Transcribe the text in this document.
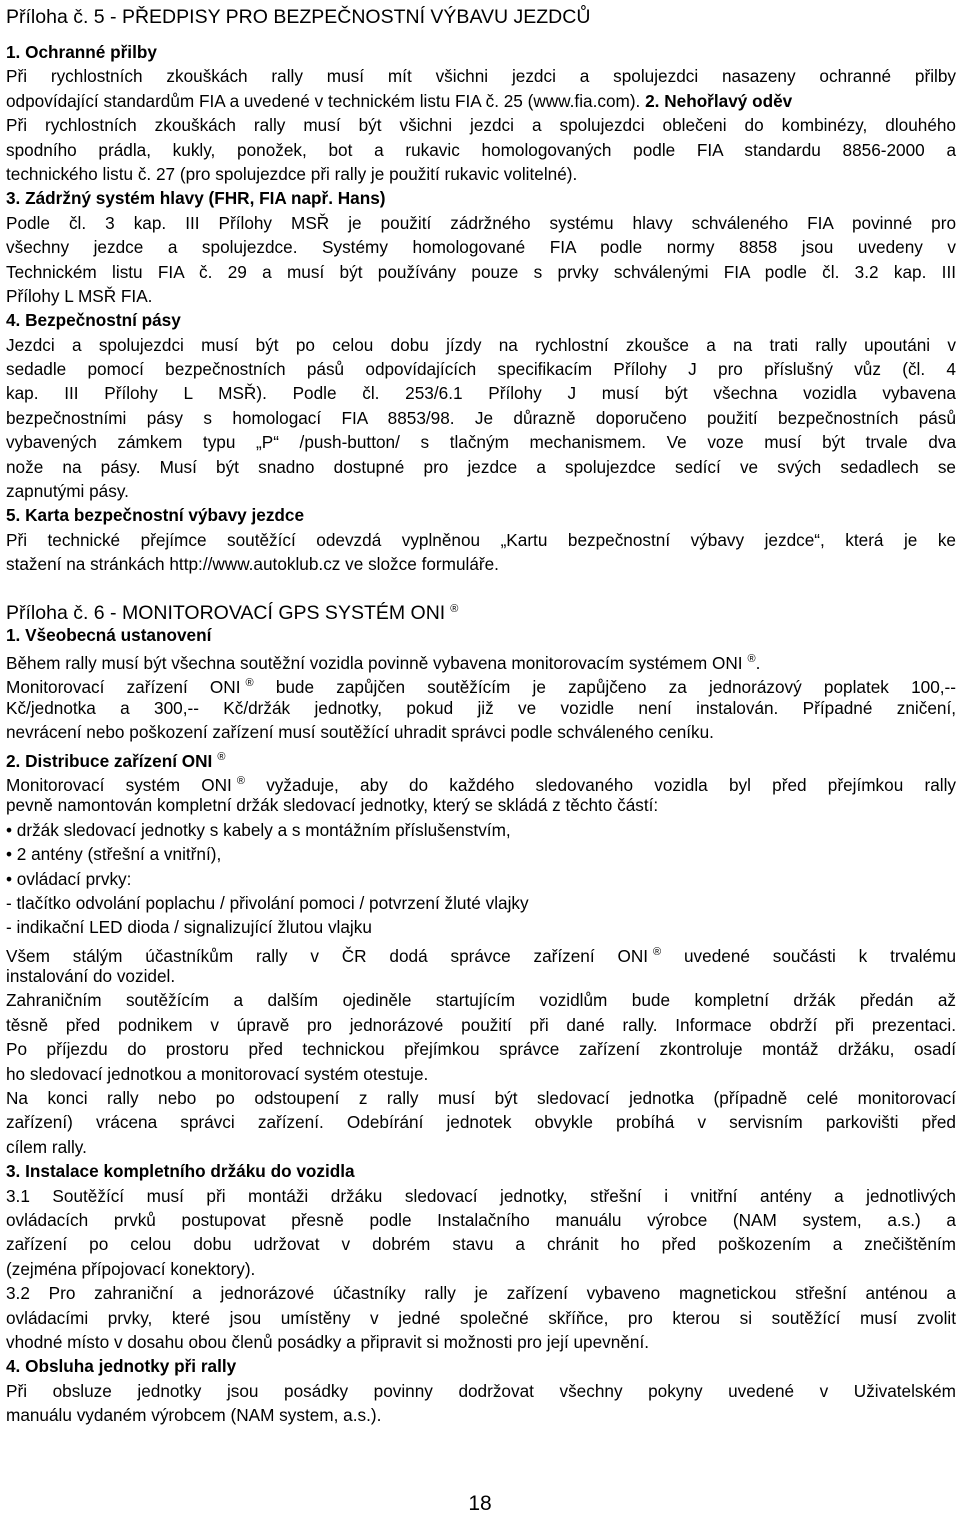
Příloha č. 5 - PŘEDPISY PRO BEZPEČNOSTNÍ VÝBAVU JEZDCŮ
1. Ochranné přilby
Při rychlostních zkouškách rally musí mít všichni jezdci a spolujezdci nasazeny ochranné přilby
odpovídající standardům FIA a uvedené v technickém listu FIA č. 25 (www.fia.com). 2. Nehořlavý oděv
Při rychlostních zkouškách rally musí být všichni jezdci a spolujezdci oblečeni do kombinézy, dlouhého
spodního prádla, kukly, ponožek, bot a rukavic homologovaných podle FIA standardu 8856-2000 a
technického listu č. 27 (pro spolujezdce při rally je použití rukavic volitelné).
3. Zádržný systém hlavy (FHR, FIA např. Hans)
Podle čl. 3 kap. III Přílohy MSŘ je použití zádržného systému hlavy schváleného FIA povinné pro
všechny jezdce a spolujezdce. Systémy homologované FIA podle normy 8858 jsou uvedeny v
Technickém listu FIA č. 29 a musí být používány pouze s prvky schválenými FIA podle čl. 3.2 kap. III
Přílohy L MSŘ FIA.
4. Bezpečnostní pásy
Jezdci a spolujezdci musí být po celou dobu jízdy na rychlostní zkoušce a na trati rally upoutáni v
sedadle pomocí bezpečnostních pásů odpovídajících specifikacím Přílohy J pro příslušný vůz (čl. 4
kap. III Přílohy L MSŘ). Podle čl. 253/6.1 Přílohy J musí být všechna vozidla vybavena
bezpečnostními pásy s homologací FIA 8853/98. Je důrazně doporučeno použití bezpečnostních pásů
vybavených zámkem typu „P“ /push-button/ s tlačným mechanismem. Ve voze musí být trvale dva
nože na pásy. Musí být snadno dostupné pro jezdce a spolujezdce sedící ve svých sedadlech se
zapnutými pásy.
5. Karta bezpečnostní výbavy jezdce
Při technické přejímce soutěžící odevzdá vyplněnou „Kartu bezpečnostní výbavy jezdce“, která je ke
stažení na stránkách http://www.autoklub.cz ve složce formuláře.
Příloha č. 6 - MONITOROVACÍ GPS SYSTÉM ONI ®
1. Všeobecná ustanovení
Během rally musí být všechna soutěžní vozidla povinně vybavena monitorovacím systémem ONI ®.
Monitorovací zařízení ONI ® bude zapůjčen soutěžícím je zapůjčeno za jednorázový poplatek 100,--
Kč/jednotka a 300,-- Kč/držák jednotky, pokud již ve vozidle není instalován. Případné zničení,
nevrácení nebo poškození zařízení musí soutěžící uhradit správci podle schváleného ceníku.
2. Distribuce zařízení ONI ®
Monitorovací systém ONI ® vyžaduje, aby do každého sledovaného vozidla byl před přejímkou rally
pevně namontován kompletní držák sledovací jednotky, který se skládá z těchto částí:
• držák sledovací jednotky s kabely a s montážním příslušenstvím,
• 2 antény (střešní a vnitřní),
• ovládací prvky:
- tlačítko odvolání poplachu / přivolání pomoci / potvrzení žluté vlajky
- indikační LED dioda / signalizující žlutou vlajku
Všem stálým účastníkům rally v ČR dodá správce zařízení ONI ® uvedené součásti k trvalému
instalování do vozidel.
Zahraničním soutěžícím a dalším ojediněle startujícím vozidlům bude kompletní držák předán až
těsně před podnikem v úpravě pro jednorázové použití při dané rally. Informace obdrží při prezentaci.
Po příjezdu do prostoru před technickou přejímkou správce zařízení zkontroluje montáž držáku, osadí
ho sledovací jednotkou a monitorovací systém otestuje.
Na konci rally nebo po odstoupení z rally musí být sledovací jednotka (případně celé monitorovací
zařízení) vrácena správci zařízení. Odebírání jednotek obvykle probíhá v servisním parkovišti před
cílem rally.
3. Instalace kompletního držáku do vozidla
3.1 Soutěžící musí při montáži držáku sledovací jednotky, střešní i vnitřní antény a jednotlivých
ovládacích prvků postupovat přesně podle Instalačního manuálu výrobce (NAM system, a.s.) a
zařízení po celou dobu udržovat v dobrém stavu a chránit ho před poškozením a znečištěním
(zejména přípojovací konektory).
3.2 Pro zahraniční a jednorázové účastníky rally je zařízení vybaveno magnetickou střešní anténou a
ovládacími prvky, které jsou umístěny v jedné společné skříňce, pro kterou si soutěžící musí zvolit
vhodné místo v dosahu obou členů posádky a připravit si možnosti pro její upevnění.
4. Obsluha jednotky při rally
Při obsluze jednotky jsou posádky povinny dodržovat všechny pokyny uvedené v Uživatelském
manuálu vydaném výrobcem (NAM system, a.s.).
18
